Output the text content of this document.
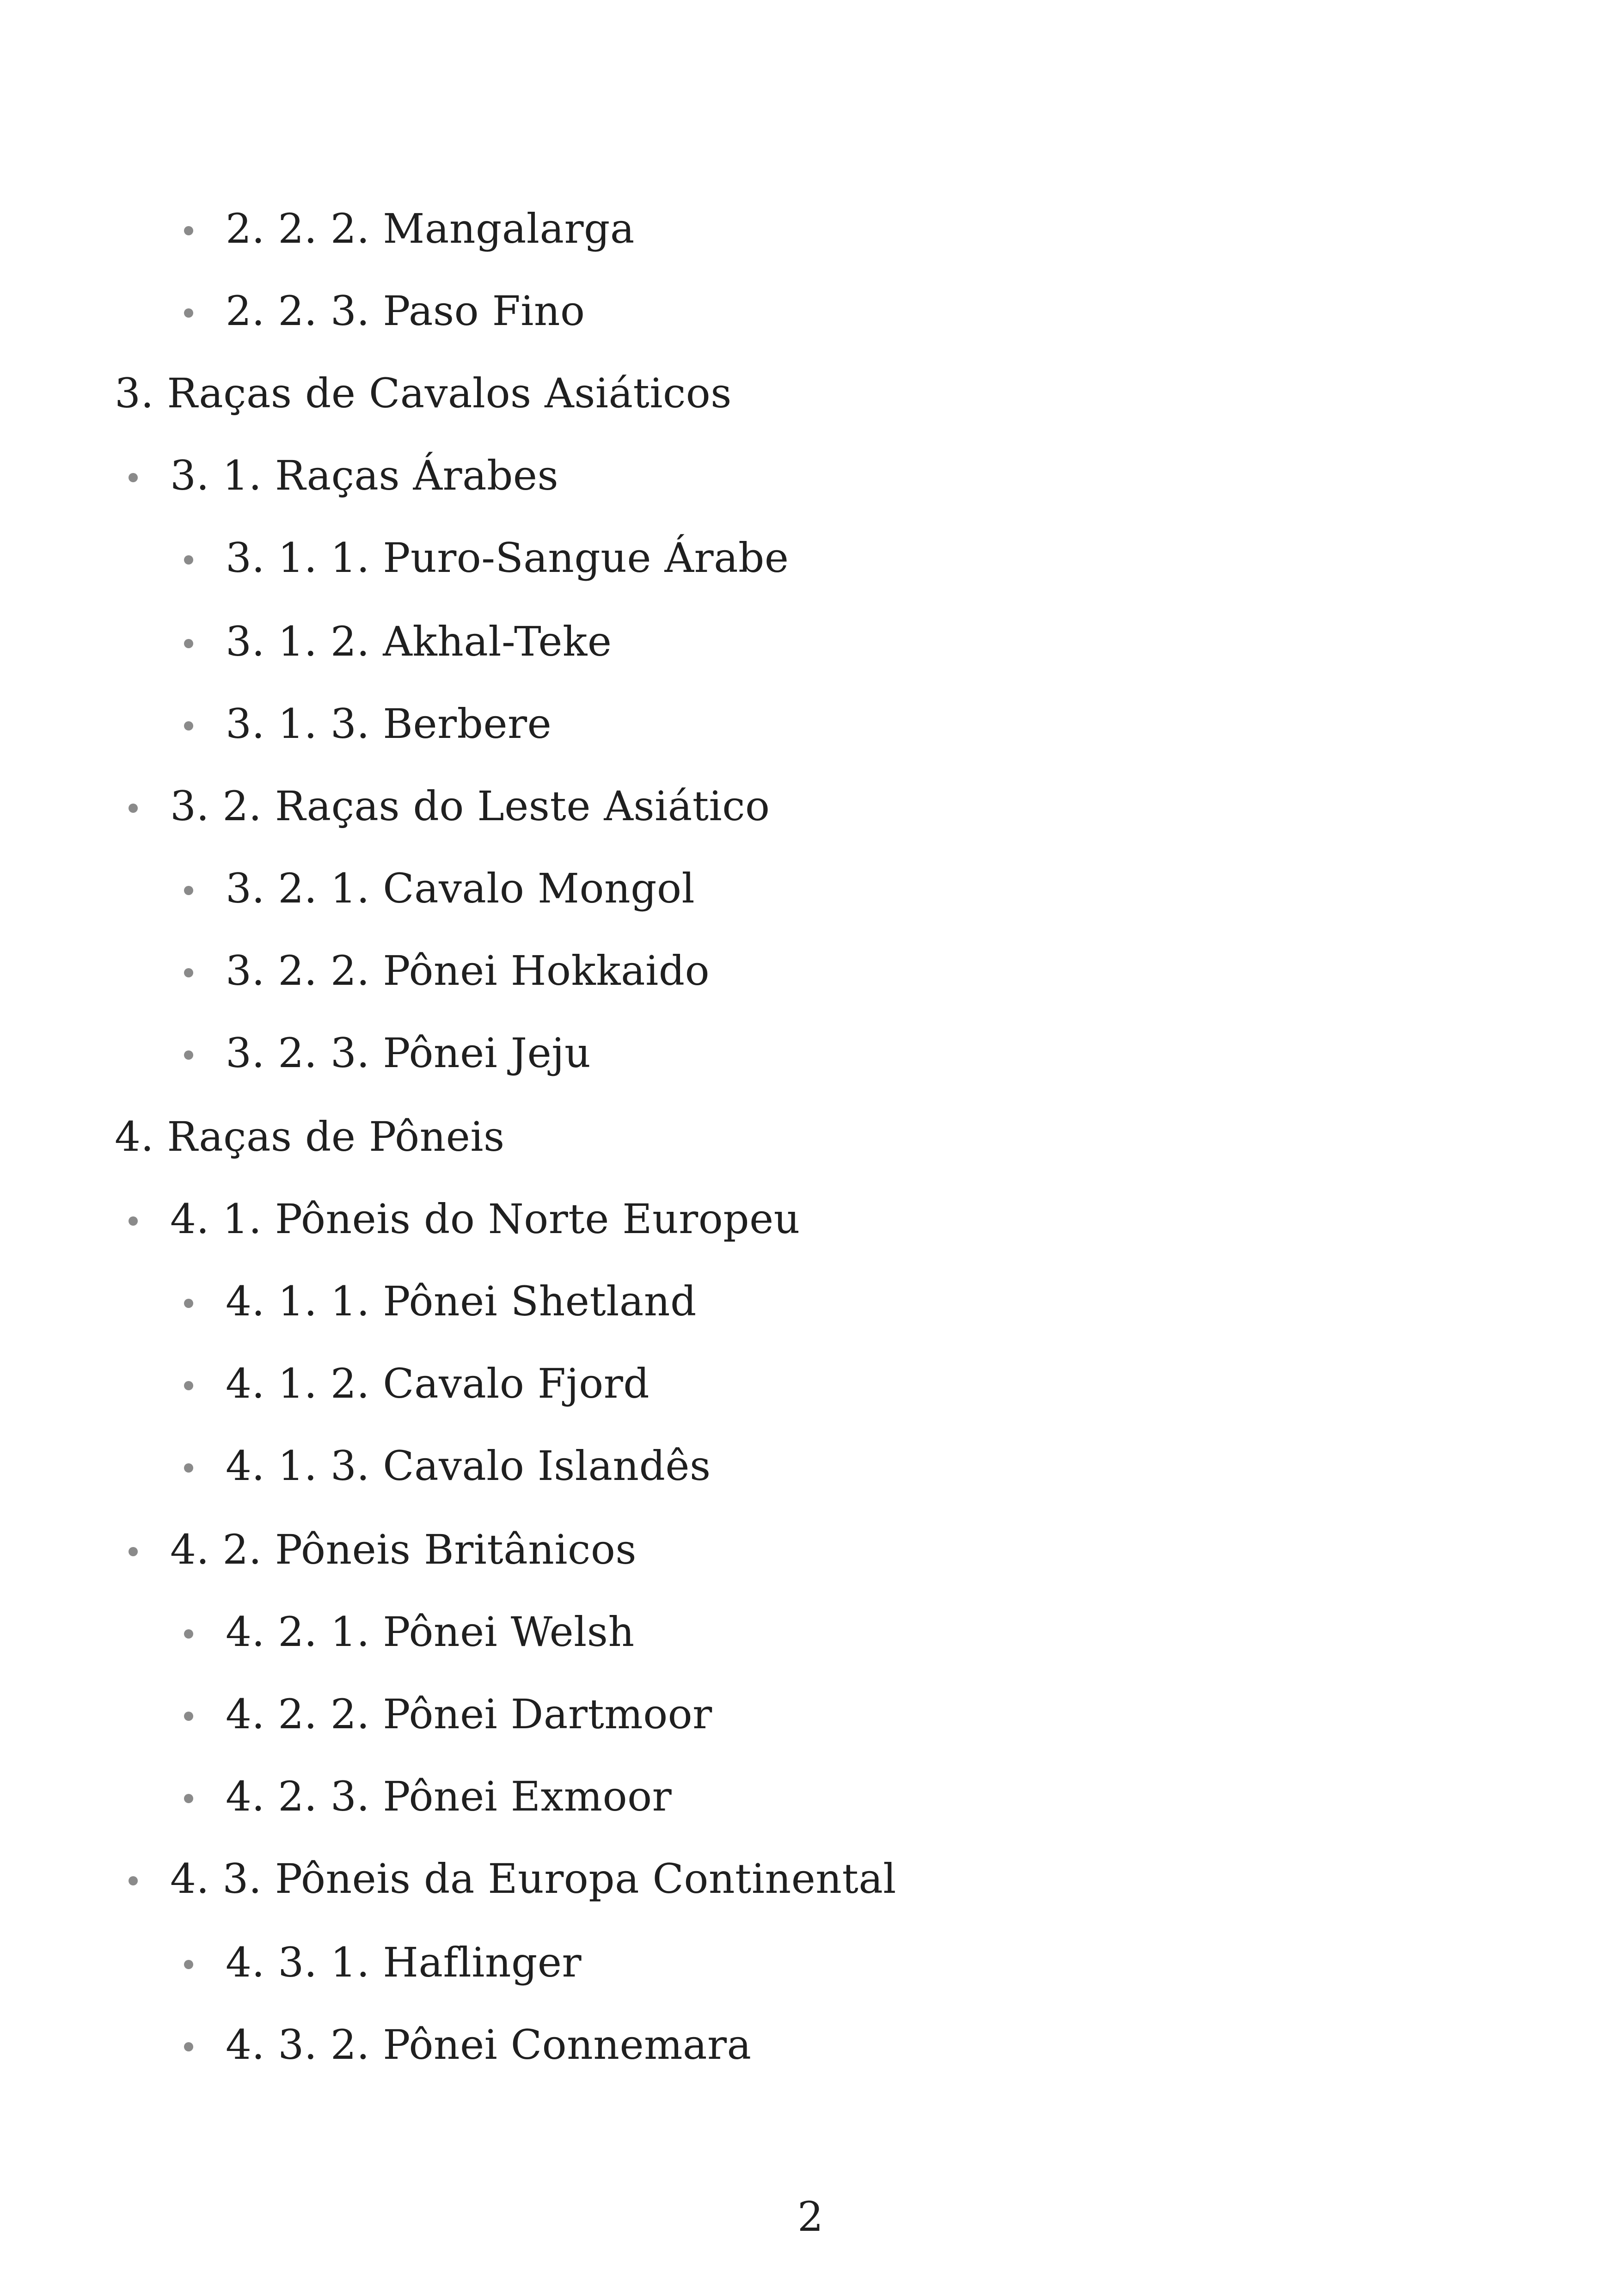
2. 2. 2. Mangalarga
2. 2. 3. Paso Fino
3. Raças de Cavalos Asiáticos
3. 1. Raças Árabes
3. 1. 1. Puro-Sangue Árabe
3. 1. 2. Akhal-Teke
3. 1. 3. Berbere
3. 2. Raças do Leste Asiático
3. 2. 1. Cavalo Mongol
3. 2. 2. Pônei Hokkaido
3. 2. 3. Pônei Jeju
4. Raças de Pôneis
4. 1. Pôneis do Norte Europeu
4. 1. 1. Pônei Shetland
4. 1. 2. Cavalo Fjord
4. 1. 3. Cavalo Islandês
4. 2. Pôneis Britânicos
4. 2. 1. Pônei Welsh
4. 2. 2. Pônei Dartmoor
4. 2. 3. Pônei Exmoor
4. 3. Pôneis da Europa Continental
4. 3. 1. Haflinger
4. 3. 2. Pônei Connemara
2
